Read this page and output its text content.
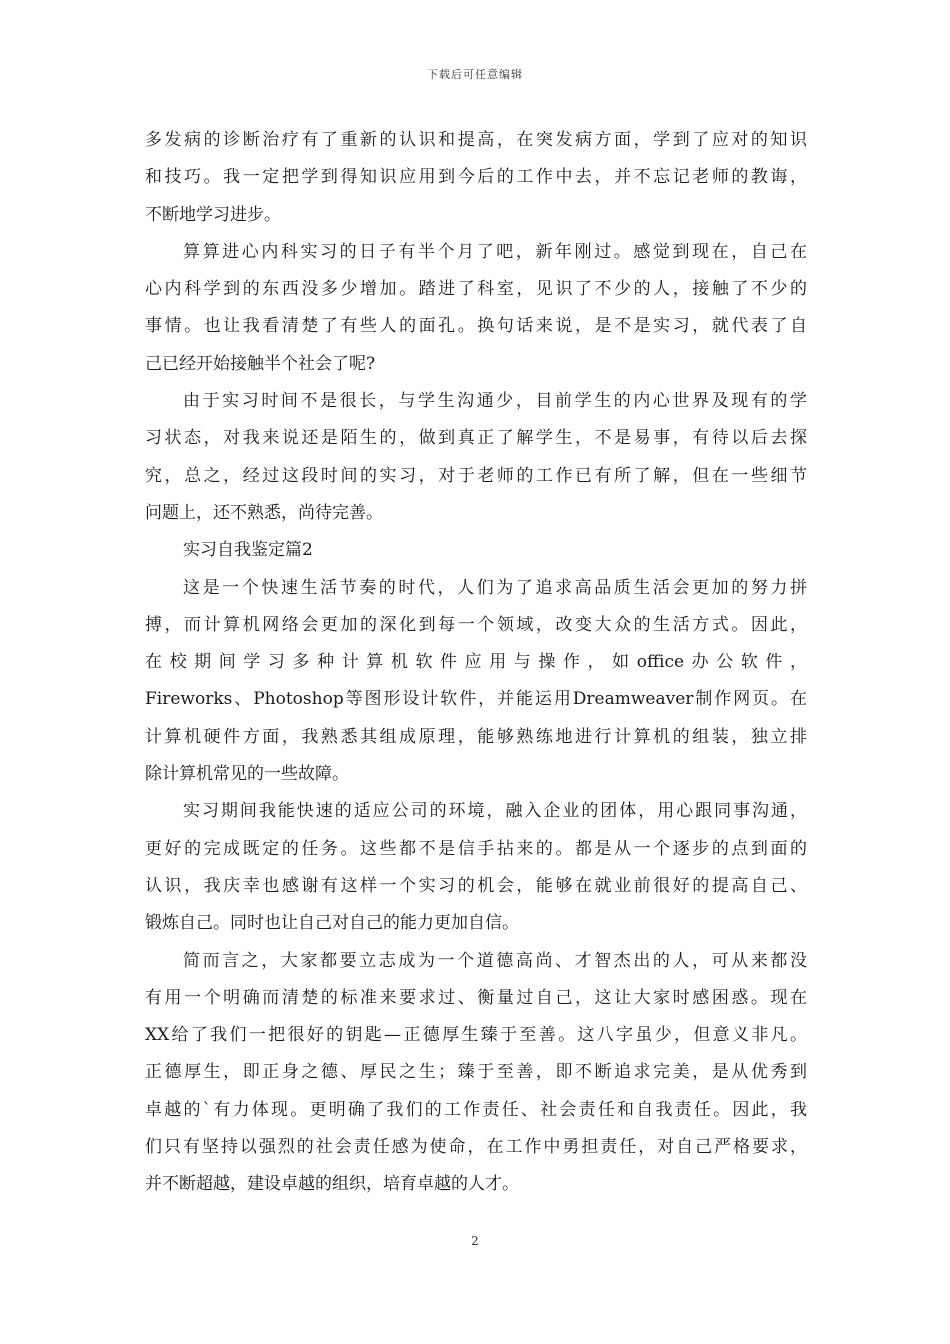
下载后可任意编辑
多发病的诊断治疗有了重新的认识和提高，在突发病方面，学到了应对的知识
和技巧。我一定把学到得知识应用到今后的工作中去，并不忘记老师的教诲，
不断地学习进步。
算算进心内科实习的日子有半个月了吧，新年刚过。感觉到现在，自己在
心内科学到的东西没多少增加。踏进了科室，见识了不少的人，接触了不少的
事情。也让我看清楚了有些人的面孔。换句话来说，是不是实习，就代表了自
己已经开始接触半个社会了呢?
由于实习时间不是很长，与学生沟通少，目前学生的内心世界及现有的学
习状态，对我来说还是陌生的，做到真正了解学生，不是易事，有待以后去探
究，总之，经过这段时间的实习，对于老师的工作已有所了解，但在一些细节
问题上，还不熟悉，尚待完善。
实习自我鉴定篇2
这是一个快速生活节奏的时代，人们为了追求高品质生活会更加的努力拼
搏，而计算机网络会更加的深化到每一个领域，改变大众的生活方式。因此，
在校期间学习多种计算机软件应用与操作，如office办公软件，
Fireworks、Photoshop等图形设计软件，并能运用Dreamweaver制作网页。在
计算机硬件方面，我熟悉其组成原理，能够熟练地进行计算机的组装，独立排
除计算机常见的一些故障。
实习期间我能快速的适应公司的环境，融入企业的团体，用心跟同事沟通，
更好的完成既定的任务。这些都不是信手拈来的。都是从一个逐步的点到面的
认识，我庆幸也感谢有这样一个实习的机会，能够在就业前很好的提高自己、
锻炼自己。同时也让自己对自己的能力更加自信。
简而言之，大家都要立志成为一个道德高尚、才智杰出的人，可从来都没
有用一个明确而清楚的标准来要求过、衡量过自己，这让大家时感困惑。现在
XX给了我们一把很好的钥匙—正德厚生臻于至善。这八字虽少，但意义非凡。
正德厚生，即正身之德、厚民之生；臻于至善，即不断追求完美，是从优秀到
卓越的`有力体现。更明确了我们的工作责任、社会责任和自我责任。因此，我
们只有坚持以强烈的社会责任感为使命，在工作中勇担责任，对自己严格要求，
并不断超越，建设卓越的组织，培育卓越的人才。
2
